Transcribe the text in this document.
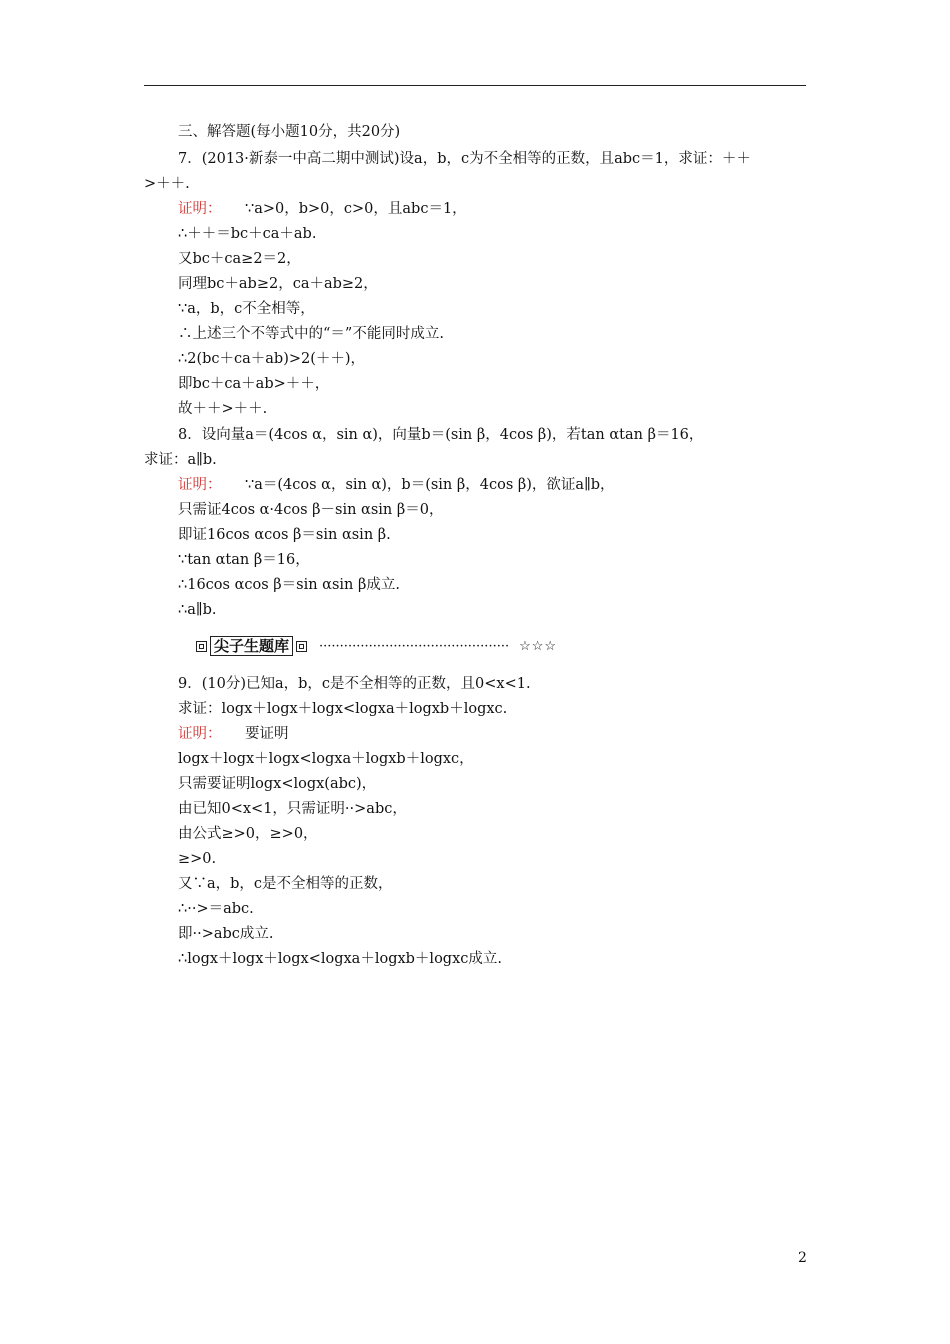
三、解答题(每小题10分，共20分)
7．(2013·新泰一中高二期中测试)设a，b，c为不全相等的正数，且abc＝1，求证：＋＋
>＋＋.
证明： ∵a>0，b>0，c>0，且abc＝1，
∴＋＋＝bc＋ca＋ab.
又bc＋ca≥2＝2，
同理bc＋ab≥2，ca＋ab≥2，
∵a，b，c不全相等，
∴上述三个不等式中的“＝”不能同时成立.
∴2(bc＋ca＋ab)>2(＋＋)，
即bc＋ca＋ab>＋＋，
故＋＋>＋＋.
8．设向量a＝(4cos α，sin α)，向量b＝(sin β，4cos β)，若tan αtan β＝16，
求证：a∥b.
证明： ∵a＝(4cos α，sin α)，b＝(sin β，4cos β)，欲证a∥b，
只需证4cos α·4cos β－sin αsin β＝0，
即证16cos αcos β＝sin αsin β.
∵tan αtan β＝16，
∴16cos αcos β＝sin αsin β成立.
∴a∥b.
尖子生题库	·············································· ☆☆☆
9．(10分)已知a，b，c是不全相等的正数，且0<x<1.
求证：logx＋logx＋logx<logxa＋logxb＋logxc.
证明： 要证明
logx＋logx＋logx<logxa＋logxb＋logxc，
只需要证明logx<logx(abc)，
由已知0<x<1，只需证明··>abc，
由公式≥>0，≥>0，
≥>0.
又∵a，b，c是不全相等的正数，
∴··>＝abc.
即··>abc成立.
∴logx＋logx＋logx<logxa＋logxb＋logxc成立.
2
